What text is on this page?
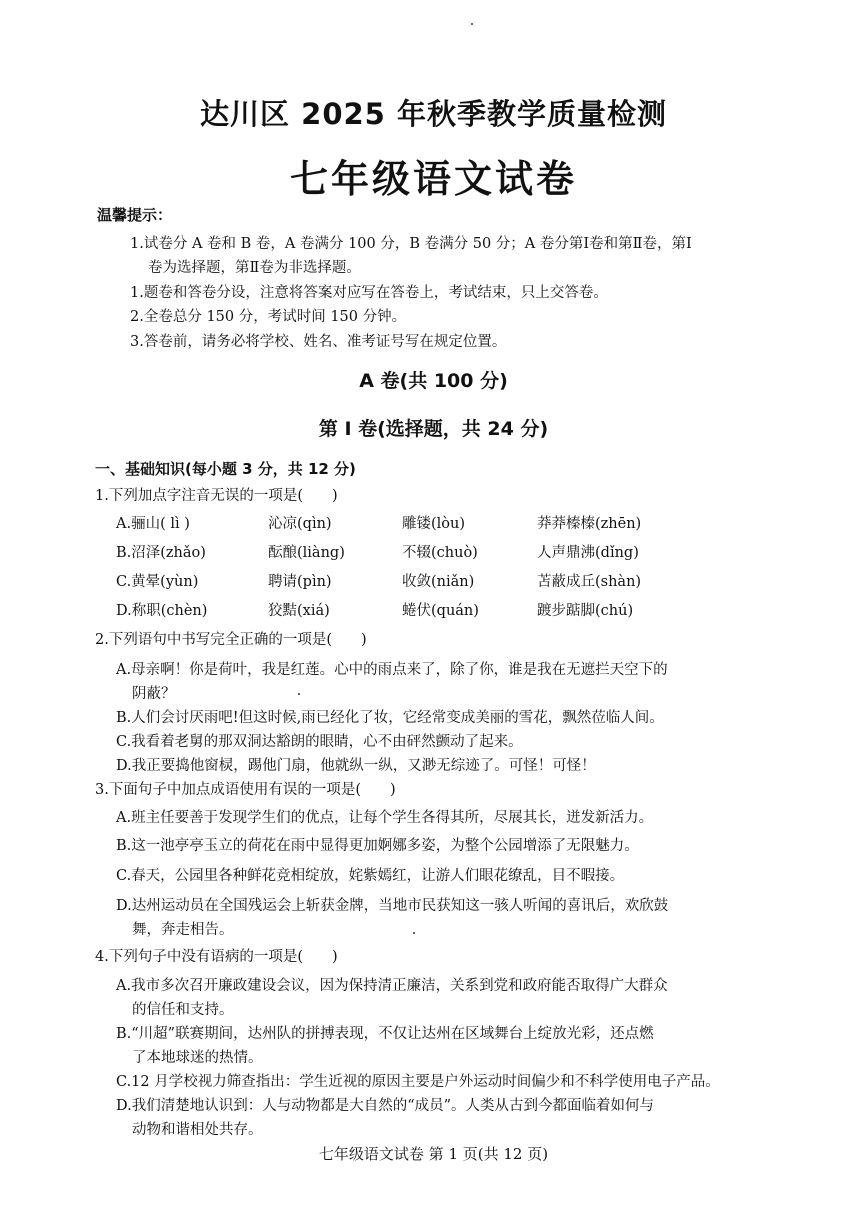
达川区 2025 年秋季教学质量检测
七年级语文试卷
温馨提示：
1.试卷分 A 卷和 B 卷，A 卷满分 100 分，B 卷满分 50 分；A 卷分第Ⅰ卷和第Ⅱ卷，第Ⅰ
卷为选择题，第Ⅱ卷为非选择题。
1.题卷和答卷分设，注意将答案对应写在答卷上，考试结束，只上交答卷。
2.全卷总分 150 分，考试时间 150 分钟。
3.答卷前，请务必将学校、姓名、准考证号写在规定位置。
A 卷(共 100 分)
第 I 卷(选择题，共 24 分)
一、基础知识(每小题 3 分，共 12 分)
1.下列加点字注音无误的一项是(　　)
A.骊山( lì )	沁凉(qìn)	雕镂(lòu)	莽莽榛榛(zhēn)
B.沼泽(zhǎo)	酝酿(liàng)	不辍(chuò)	人声鼎沸(dǐng)
C.黄晕(yùn)	聘请(pìn)	收敛(niǎn)	苫蔽成丘(shàn)
D.称职(chèn)	狡黠(xiá)	蜷伏(quán)	踱步踮脚(chú)
2.下列语句中书写完全正确的一项是(　　)
A.母亲啊！你是荷叶，我是红莲。心中的雨点来了，除了你，谁是我在无遮拦天空下的
阴蔽？
B.人们会讨厌雨吧!但这时候,雨已经化了妆，它经常变成美丽的雪花，飘然莅临人间。
C.我看着老舅的那双洞达豁朗的眼睛，心不由砰然颤动了起来。
D.我正要捣他窗棂，踢他门扇，他就纵一纵，又渺无综迹了。可怪！可怪！
3.下面句子中加点成语使用有误的一项是(　　)
A.班主任要善于发现学生们的优点，让每个学生各得其所，尽展其长，迸发新活力。
B.这一池亭亭玉立的荷花在雨中显得更加婀娜多姿，为整个公园增添了无限魅力。
C.春天，公园里各种鲜花竞相绽放，姹紫嫣红，让游人们眼花缭乱，目不暇接。
D.达州运动员在全国残运会上斩获金牌，当地市民获知这一骇人听闻的喜讯后，欢欣鼓
舞，奔走相告。
4.下列句子中没有语病的一项是(　　)
A.我市多次召开廉政建设会议，因为保持清正廉洁，关系到党和政府能否取得广大群众
的信任和支持。
B.“川超”联赛期间，达州队的拼搏表现，不仅让达州在区域舞台上绽放光彩，还点燃
了本地球迷的热情。
C.12 月学校视力筛查指出：学生近视的原因主要是户外运动时间偏少和不科学使用电子产品。
D.我们清楚地认识到：人与动物都是大自然的“成员”。人类从古到今都面临着如何与
动物和谐相处共存。
七年级语文试卷 第 1 页(共 12 页)
